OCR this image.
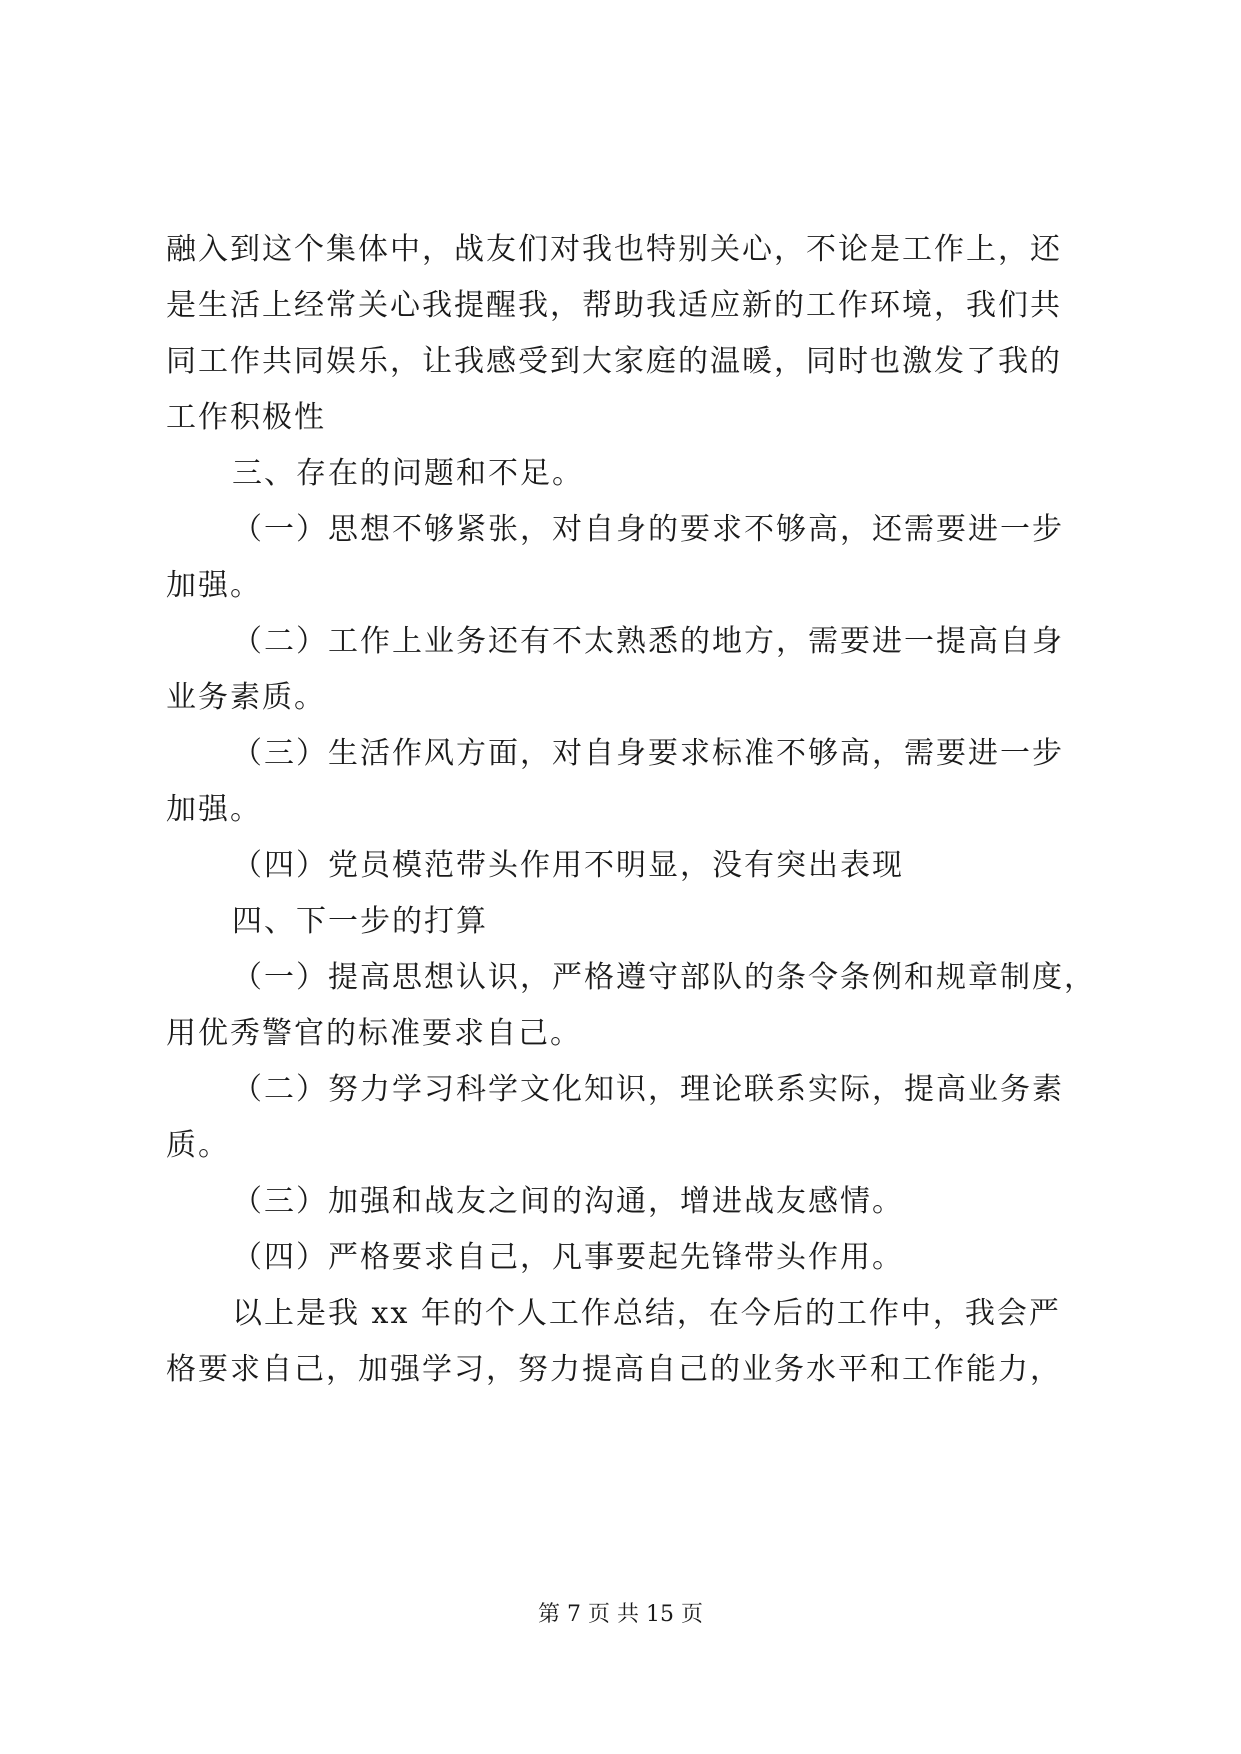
融入到这个集体中，战友们对我也特别关心，不论是工作上，还
是生活上经常关心我提醒我，帮助我适应新的工作环境，我们共
同工作共同娱乐，让我感受到大家庭的温暖，同时也激发了我的
工作积极性
三、存在的问题和不足。
（一）思想不够紧张，对自身的要求不够高，还需要进一步
加强。
（二）工作上业务还有不太熟悉的地方，需要进一提高自身
业务素质。
（三）生活作风方面，对自身要求标准不够高，需要进一步
加强。
（四）党员模范带头作用不明显，没有突出表现
四、下一步的打算
（一）提高思想认识，严格遵守部队的条令条例和规章制度，
用优秀警官的标准要求自己。
（二）努力学习科学文化知识，理论联系实际，提高业务素
质。
（三）加强和战友之间的沟通，增进战友感情。
（四）严格要求自己，凡事要起先锋带头作用。
以上是我 xx 年的个人工作总结，在今后的工作中，我会严
格要求自己，加强学习，努力提高自己的业务水平和工作能力，
第 7 页 共 15 页
